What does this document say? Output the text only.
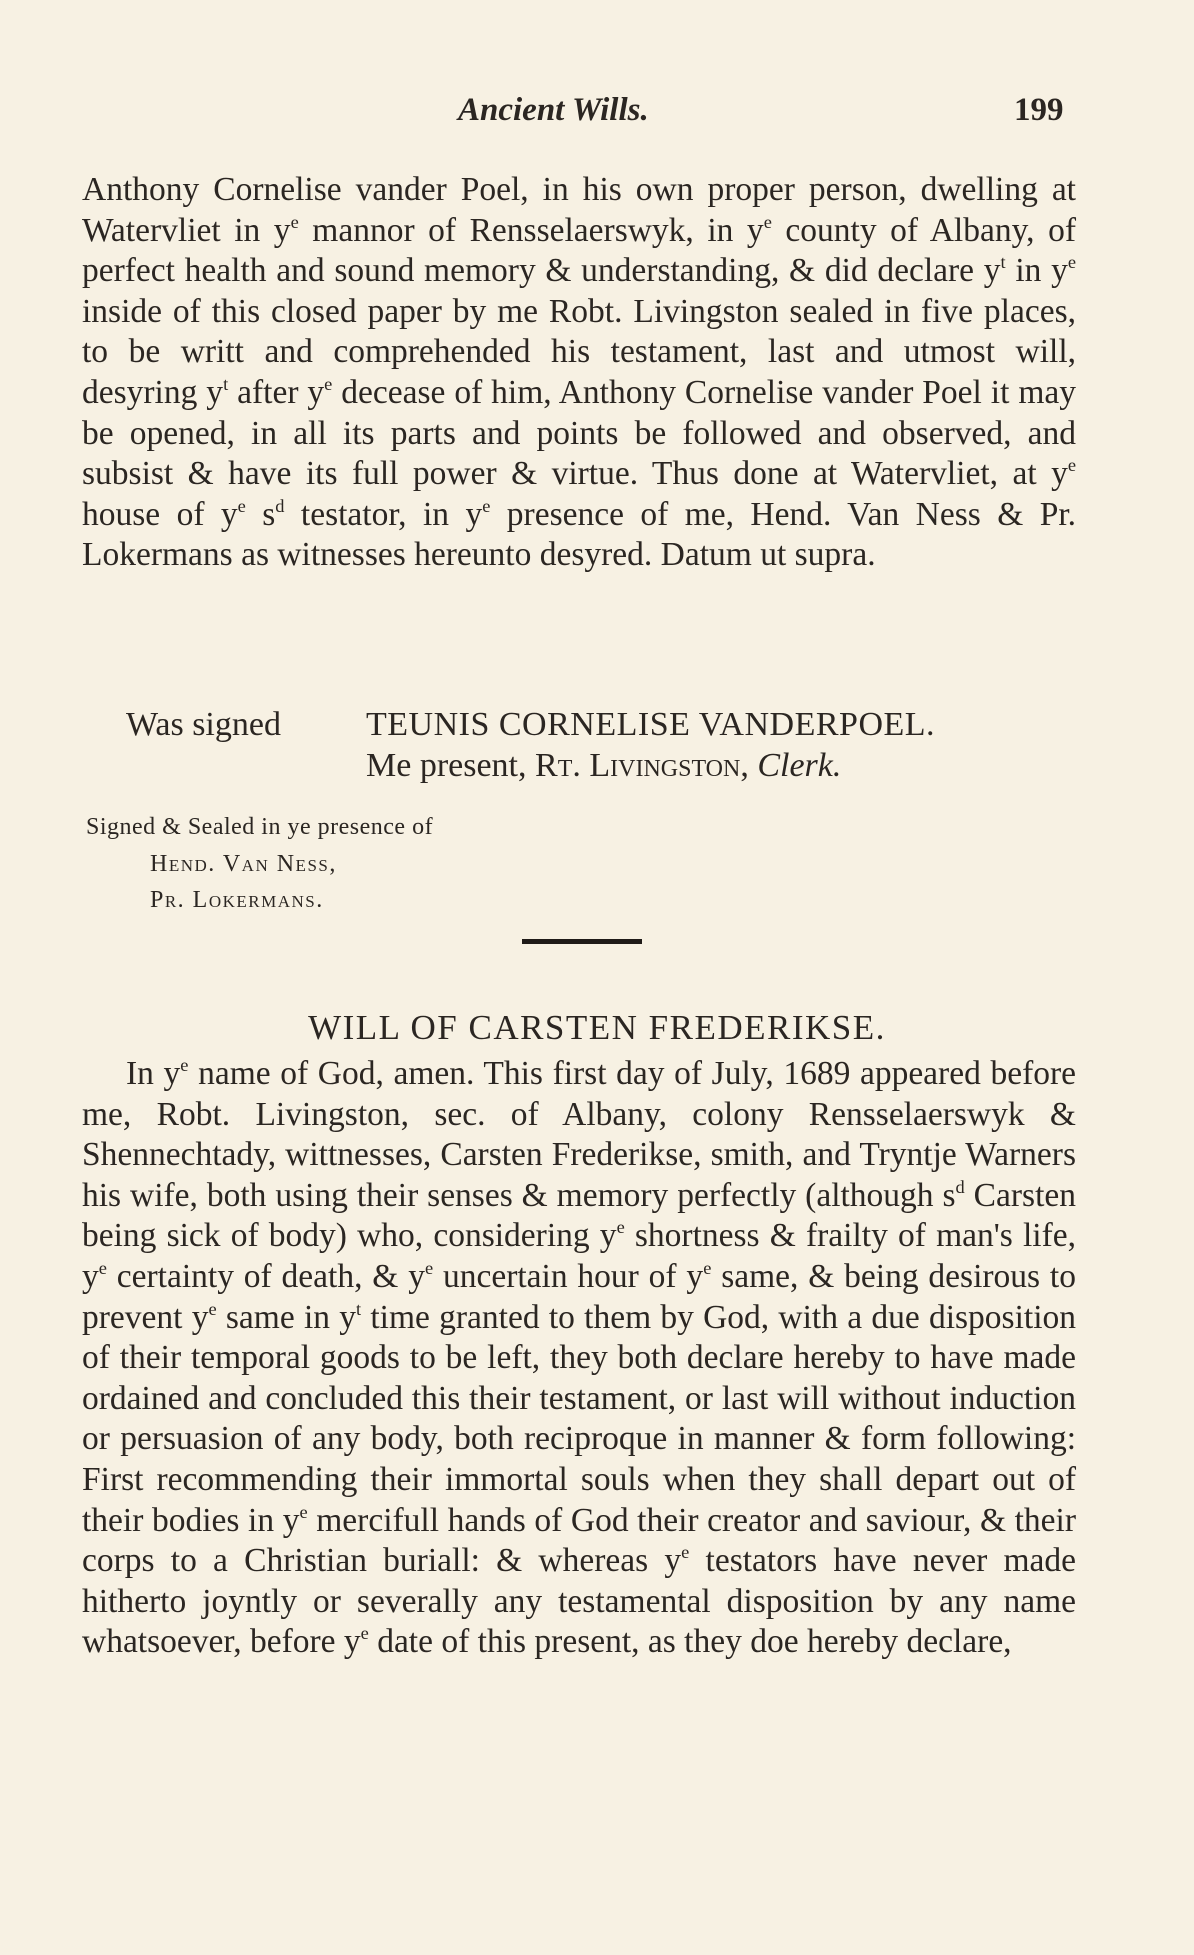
Ancient Wills.	199

Anthony Cornelise vander Poel, in his own proper person, dwelling at Watervliet in $y^e$ mannor of Rensselaerswyk, in $y^e$ county of Albany, of perfect health and sound memory & understanding, & did declare $y^t$ in $y^e$ inside of this closed paper by me Robt. Livingston sealed in five places, to be writt and comprehended his testament, last and utmost will, desyring $y^t$ after $y^e$ decease of him, Anthony Cornelise vander Poel it may be opened, in all its parts and points be followed and observed, and subsist & have its full power & virtue. Thus done at Watervliet, at $y^e$ house of $y^e$ $s^d$ testator, in $y^e$ presence of me, Hend. Van Ness & Pr. Lokermans as witnesses hereunto desyred. Datum ut supra.

Was signed	TEUNIS CORNELISE VANDERPOEL.
Me present, Rt. Livingston, Clerk.
Signed & Sealed in ye presence of
Hend. Van Ness,
Pr. Lokermans.
WILL OF CARSTEN FREDERIKSE.

In $y^e$ name of God, amen. This first day of July, 1689 appeared before me, Robt. Livingston, sec. of Albany, colony Rensselaerswyk & Shennechtady, wittnesses, Carsten Frederikse, smith, and Tryntje Warners his wife, both using their senses & memory perfectly (although $s^d$ Carsten being sick of body) who, considering $y^e$ shortness & frailty of man's life, $y^e$ certainty of death, & $y^e$ uncertain hour of $y^e$ same, & being desirous to prevent $y^e$ same in $y^t$ time granted to them by God, with a due disposition of their temporal goods to be left, they both declare hereby to have made ordained and concluded this their testament, or last will without induction or persuasion of any body, both reciproque in manner & form following: First recommending their immortal souls when they shall depart out of their bodies in $y^e$ mercifull hands of God their creator and saviour, & their corps to a Christian buriall: & whereas $y^e$ testators have never made hitherto joyntly or severally any testamental disposition by any name whatsoever, before $y^e$ date of this present, as they doe hereby declare,
